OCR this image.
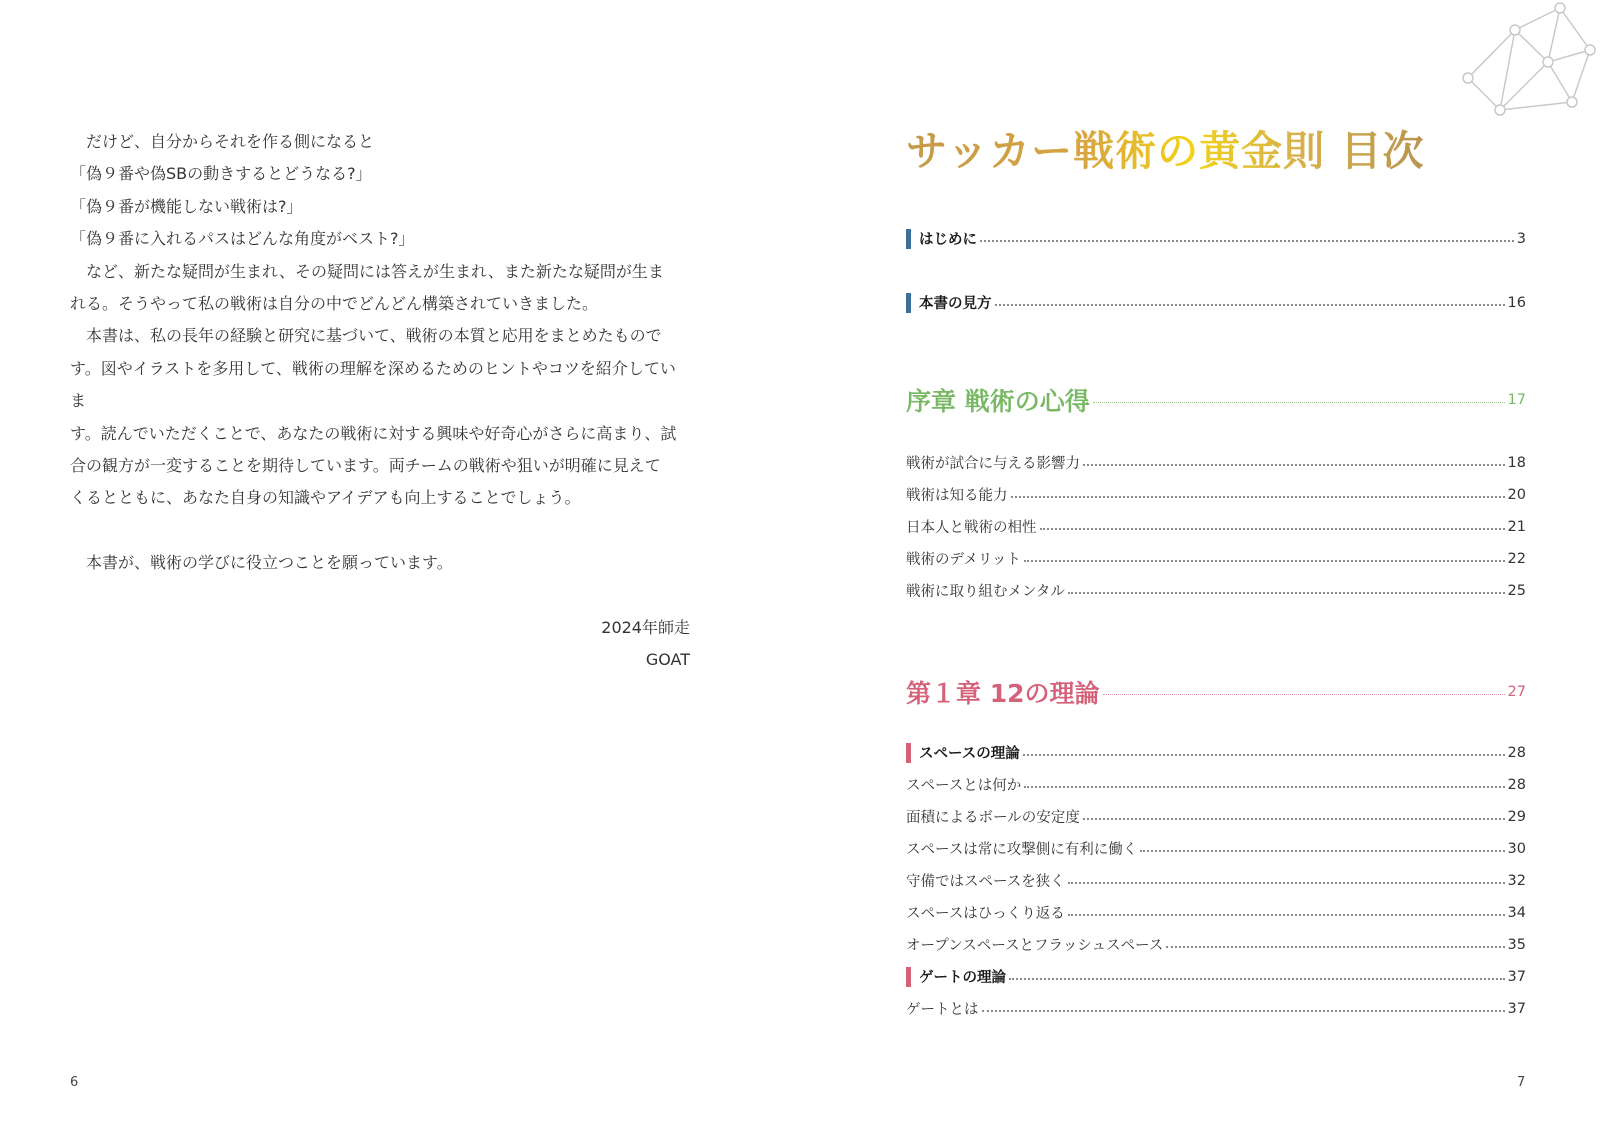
だけど、自分からそれを作る側になると

「偽９番や偽SBの動きするとどうなる?」

「偽９番が機能しない戦術は?」

「偽９番に入れるパスはどんな角度がベスト?」

など、新たな疑問が生まれ、その疑問には答えが生まれ、また新たな疑問が生ま

れる。そうやって私の戦術は自分の中でどんどん構築されていきました。

本書は、私の長年の経験と研究に基づいて、戦術の本質と応用をまとめたもので

す。図やイラストを多用して、戦術の理解を深めるためのヒントやコツを紹介していま

す。読んでいただくことで、あなたの戦術に対する興味や好奇心がさらに高まり、試

合の観方が一変することを期待しています。両チームの戦術や狙いが明確に見えて

くるとともに、あなた自身の知識やアイデアも向上することでしょう。

本書が、戦術の学びに役立つことを願っています。

2024年師走

GOAT

6
サッカー戦術の黄金則 目次
はじめに	3
本書の見方	16
序章 戦術の心得	17
戦術が試合に与える影響力	18
戦術は知る能力	20
日本人と戦術の相性	21
戦術のデメリット	22
戦術に取り組むメンタル	25
第１章 12の理論	27
スペースの理論	28
スペースとは何か	28
面積によるボールの安定度	29
スペースは常に攻撃側に有利に働く	30
守備ではスペースを狭く	32
スペースはひっくり返る	34
オープンスペースとフラッシュスペース	35
ゲートの理論	37
ゲートとは	37
7
